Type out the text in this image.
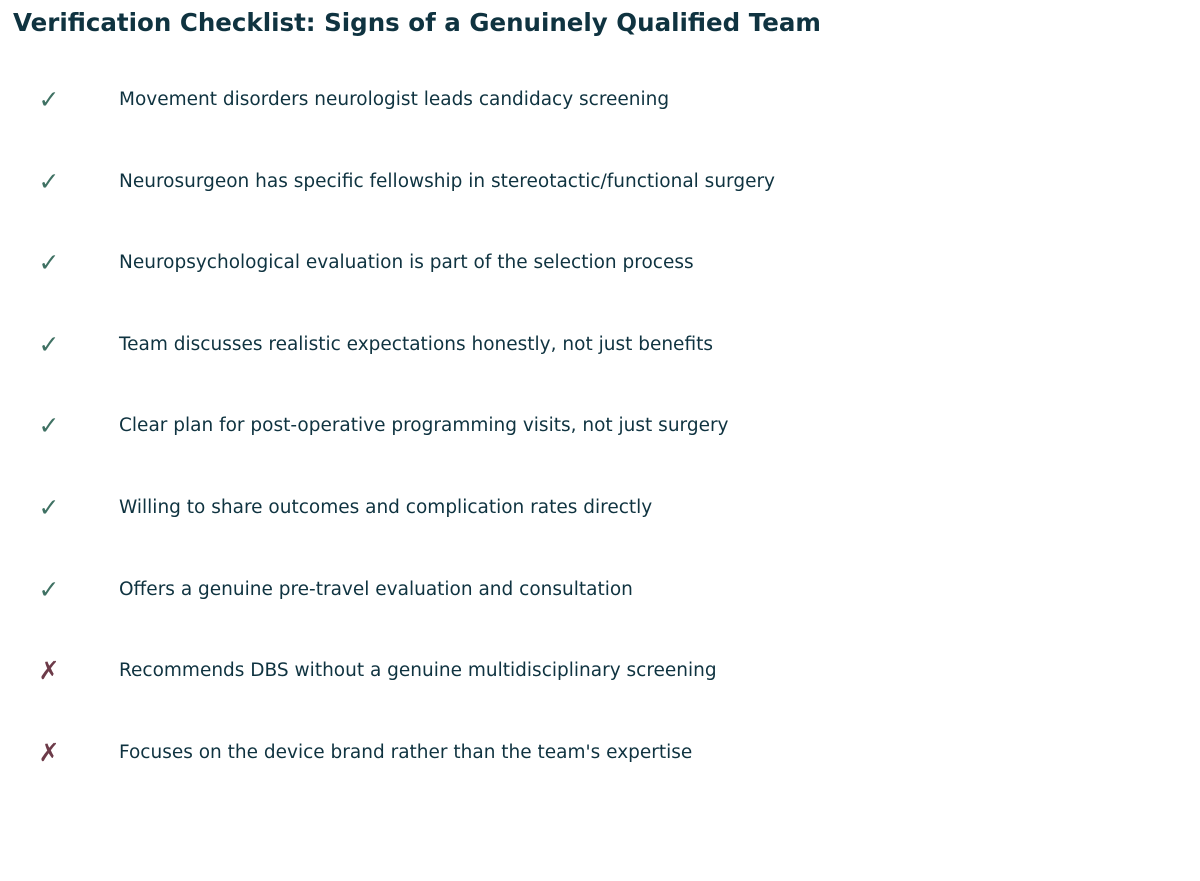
Verification Checklist: Signs of a Genuinely Qualified Team
✓	Movement disorders neurologist leads candidacy screening
✓	Neurosurgeon has specific fellowship in stereotactic/functional surgery
✓	Neuropsychological evaluation is part of the selection process
✓	Team discusses realistic expectations honestly, not just benefits
✓	Clear plan for post-operative programming visits, not just surgery
✓	Willing to share outcomes and complication rates directly
✓	Offers a genuine pre-travel evaluation and consultation
✗	Recommends DBS without a genuine multidisciplinary screening
✗	Focuses on the device brand rather than the team's expertise
